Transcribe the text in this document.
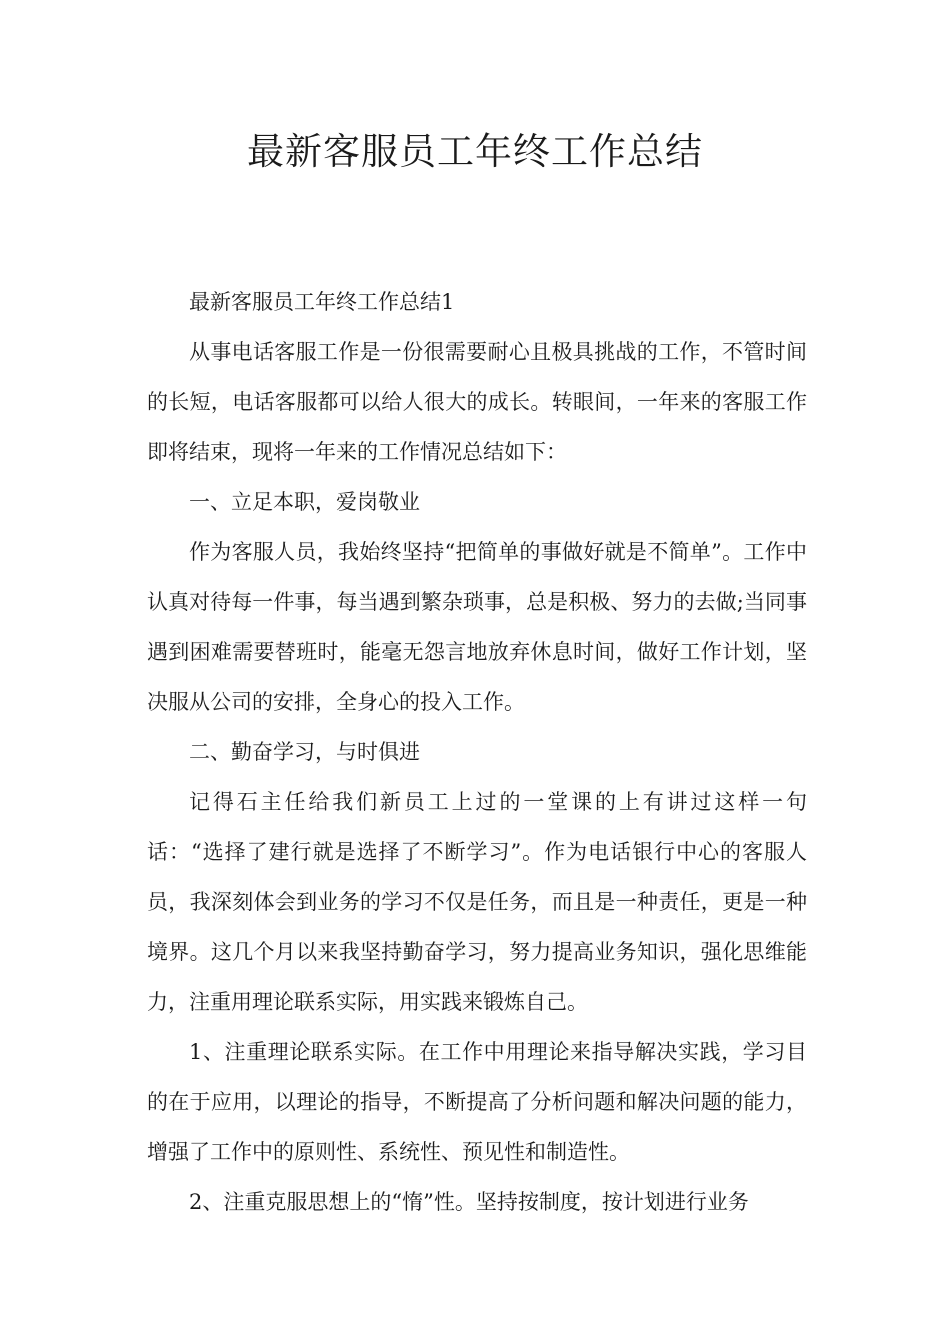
最新客服员工年终工作总结

最新客服员工年终工作总结1

从事电话客服工作是一份很需要耐心且极具挑战的工作，不管时间的长短，电话客服都可以给人很大的成长。转眼间，一年来的客服工作即将结束，现将一年来的工作情况总结如下：

一、立足本职，爱岗敬业

作为客服人员，我始终坚持“把简单的事做好就是不简单”。工作中认真对待每一件事，每当遇到繁杂琐事，总是积极、努力的去做;当同事遇到困难需要替班时，能毫无怨言地放弃休息时间，做好工作计划，坚决服从公司的安排，全身心的投入工作。

二、勤奋学习，与时俱进

记得石主任给我们新员工上过的一堂课的上有讲过这样一句话：“选择了建行就是选择了不断学习”。作为电话银行中心的客服人员，我深刻体会到业务的学习不仅是任务，而且是一种责任，更是一种境界。这几个月以来我坚持勤奋学习，努力提高业务知识，强化思维能力，注重用理论联系实际，用实践来锻炼自己。

1、注重理论联系实际。在工作中用理论来指导解决实践，学习目的在于应用，以理论的指导，不断提高了分析问题和解决问题的能力，增强了工作中的原则性、系统性、预见性和制造性。

2、注重克服思想上的“惰”性。坚持按制度，按计划进行业务
